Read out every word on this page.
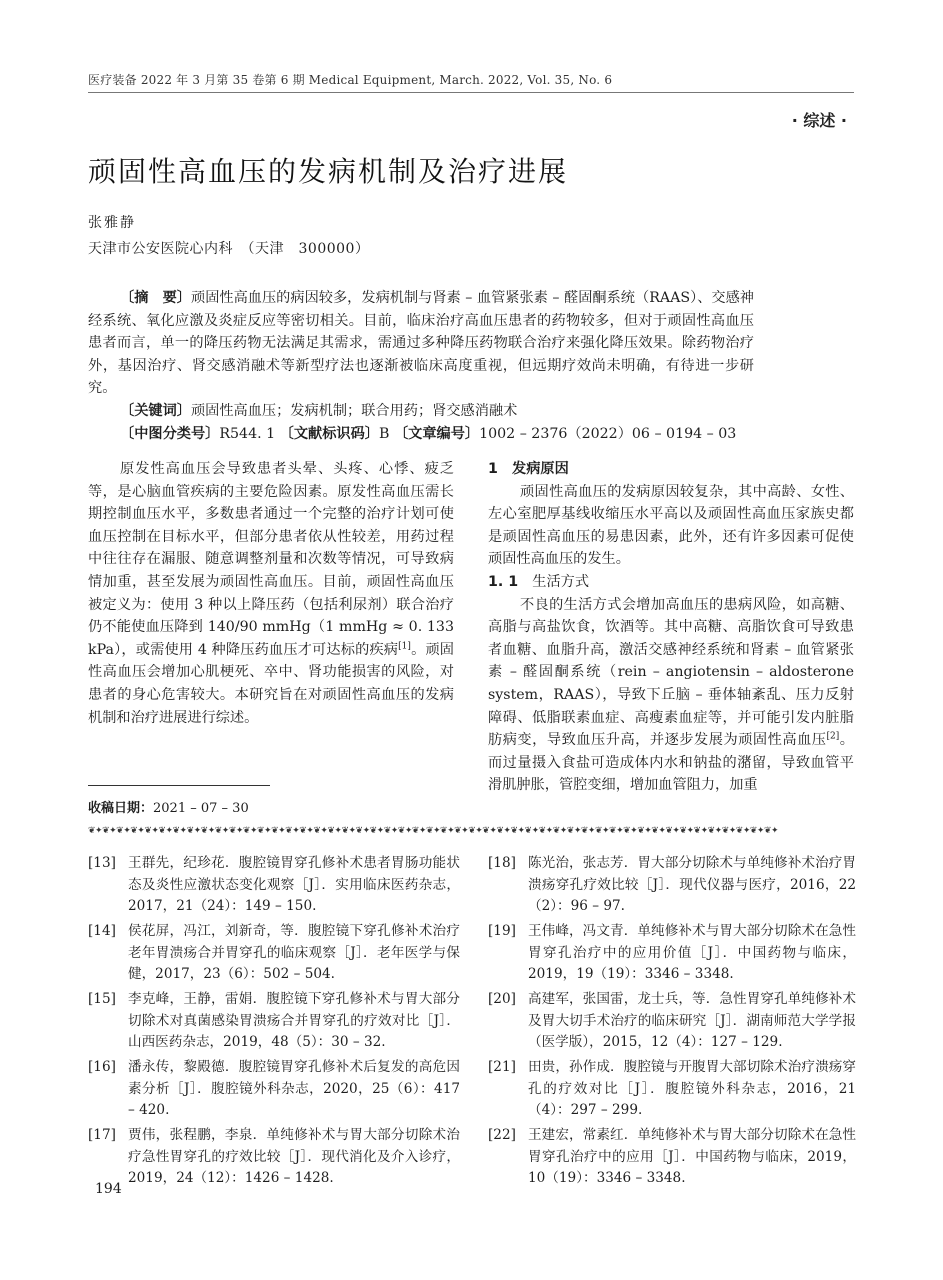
医疗装备 2022 年 3 月第 35 卷第 6 期 Medical Equipment, March. 2022, Vol. 35, No. 6
· 综述 ·
顽固性高血压的发病机制及治疗进展
张雅静
天津市公安医院心内科　（天津　300000）

〔摘　要〕顽固性高血压的病因较多，发病机制与肾素 – 血管紧张素 – 醛固酮系统（RAAS）、交感神经系统、氧化应激及炎症反应等密切相关。目前，临床治疗高血压患者的药物较多，但对于顽固性高血压患者而言，单一的降压药物无法满足其需求，需通过多种降压药物联合治疗来强化降压效果。除药物治疗外，基因治疗、肾交感消融术等新型疗法也逐渐被临床高度重视，但远期疗效尚未明确，有待进一步研究。

〔关键词〕顽固性高血压；发病机制；联合用药；肾交感消融术

〔中图分类号〕R544. 1 〔文献标识码〕B 〔文章编号〕1002 – 2376（2022）06 – 0194 – 03

原发性高血压会导致患者头晕、头疼、心悸、疲乏等，是心脑血管疾病的主要危险因素。原发性高血压需长期控制血压水平，多数患者通过一个完整的治疗计划可使血压控制在目标水平，但部分患者依从性较差，用药过程中往往存在漏服、随意调整剂量和次数等情况，可导致病情加重，甚至发展为顽固性高血压。目前，顽固性高血压被定义为：使用 3 种以上降压药（包括利尿剂）联合治疗仍不能使血压降到 140/90 mmHg（1 mmHg ≈ 0. 133 kPa），或需使用 4 种降压药血压才可达标的疾病[1]。顽固性高血压会增加心肌梗死、卒中、肾功能损害的风险，对患者的身心危害较大。本研究旨在对顽固性高血压的发病机制和治疗进展进行综述。

1　发病原因

顽固性高血压的发病原因较复杂，其中高龄、女性、左心室肥厚基线收缩压水平高以及顽固性高血压家族史都是顽固性高血压的易患因素，此外，还有许多因素可促使顽固性高血压的发生。

1. 1　 生活方式

不良的生活方式会增加高血压的患病风险，如高糖、高脂与高盐饮食，饮酒等。其中高糖、高脂饮食可导致患者血糖、血脂升高，激活交感神经系统和肾素 – 血管紧张素 – 醛固酮系统（rein – angiotensin – aldosterone system，RAAS），导致下丘脑 – 垂体轴紊乱、压力反射障碍、低脂联素血症、高瘦素血症等，并可能引发内脏脂肪病变，导致血压升高，并逐步发展为顽固性高血压[2]。而过量摄入食盐可造成体内水和钠盐的潴留，导致血管平滑肌肿胀，管腔变细，增加血管阻力，加重

收稿日期：2021 – 07 – 30
❦✦❦✦❦✦❦✦❦✦❦✦❦✦❦✦❦✦❦✦❦✦❦✦❦✦❦✦❦✦❦✦❦✦❦✦❦✦❦✦❦✦❦✦❦✦❦✦❦✦❦✦❦✦❦✦❦✦❦✦❦✦❦✦❦✦❦✦❦✦❦✦❦✦❦✦❦✦❦✦❦✦❦✦❦✦❦✦❦✦❦✦❦✦❦✦❦✦
[13] 王群先，纪珍花．腹腔镜胃穿孔修补术患者胃肠功能状态及炎性应激状态变化观察［J］．实用临床医药杂志，2017，21（24）：149 – 150.
[14] 侯花屏，冯江，刘新奇，等．腹腔镜下穿孔修补术治疗老年胃溃疡合并胃穿孔的临床观察［J］．老年医学与保健，2017，23（6）：502 – 504.
[15] 李克峰，王静，雷娟．腹腔镜下穿孔修补术与胃大部分切除术对真菌感染胃溃疡合并胃穿孔的疗效对比［J］．山西医药杂志，2019，48（5）：30 – 32.
[16] 潘永传，黎殿德．腹腔镜胃穿孔修补术后复发的高危因素分析［J］．腹腔镜外科杂志，2020，25（6）：417 – 420.
[17] 贾伟，张程鹏，李泉．单纯修补术与胃大部分切除术治疗急性胃穿孔的疗效比较［J］．现代消化及介入诊疗，2019，24（12）：1426 – 1428.
[18] 陈光治，张志芳．胃大部分切除术与单纯修补术治疗胃溃疡穿孔疗效比较［J］．现代仪器与医疗，2016，22（2）：96 – 97.
[19] 王伟峰，冯文青．单纯修补术与胃大部分切除术在急性胃穿孔治疗中的应用价值［J］．中国药物与临床，2019，19（19）：3346 – 3348.
[20] 高建军，张国雷，龙士兵，等．急性胃穿孔单纯修补术及胃大切手术治疗的临床研究［J］．湖南师范大学学报（医学版），2015，12（4）：127 – 129.
[21] 田贵，孙作成．腹腔镜与开腹胃大部切除术治疗溃疡穿孔的疗效对比［J］．腹腔镜外科杂志，2016，21（4）：297 – 299.
[22] 王建宏，常素红．单纯修补术与胃大部分切除术在急性胃穿孔治疗中的应用［J］．中国药物与临床，2019，10（19）：3346 – 3348.
194
